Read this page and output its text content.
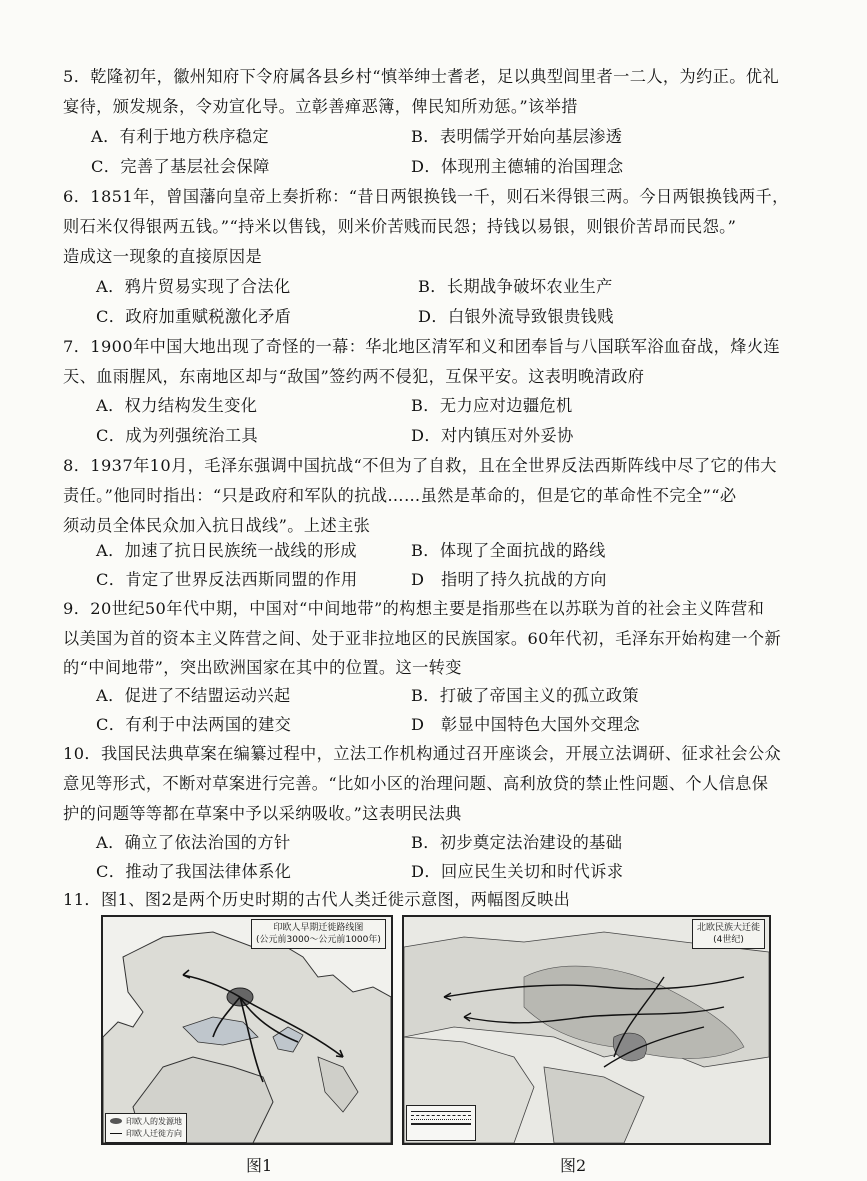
5．乾隆初年，徽州知府下令府属各县乡村“慎举绅士耆老，足以典型闾里者一二人，为约正。优礼
宴待，颁发规条，令劝宣化导。立彰善瘅恶簿，俾民知所劝惩。”该举措
A．有利于地方秩序稳定	B．表明儒学开始向基层渗透
C．完善了基层社会保障	D．体现刑主德辅的治国理念
6．1851年，曾国藩向皇帝上奏折称：“昔日两银换钱一千，则石米得银三两。今日两银换钱两千，
则石米仅得银两五钱。”“持米以售钱，则米价苦贱而民怨；持钱以易银，则银价苦昂而民怨。”
造成这一现象的直接原因是
A．鸦片贸易实现了合法化	B．长期战争破坏农业生产
C．政府加重赋税激化矛盾	D．白银外流导致银贵钱贱
7．1900年中国大地出现了奇怪的一幕：华北地区清军和义和团奉旨与八国联军浴血奋战，烽火连
天、血雨腥风，东南地区却与“敌国”签约两不侵犯，互保平安。这表明晚清政府
A．权力结构发生变化	B．无力应对边疆危机
C．成为列强统治工具	D．对内镇压对外妥协
8．1937年10月，毛泽东强调中国抗战“不但为了自救，且在全世界反法西斯阵线中尽了它的伟大
责任。”他同时指出：“只是政府和军队的抗战……虽然是革命的，但是它的革命性不完全”“必
须动员全体民众加入抗日战线”。上述主张
A．加速了抗日民族统一战线的形成	B．体现了全面抗战的路线
C．肯定了世界反法西斯同盟的作用	D　指明了持久抗战的方向
9．20世纪50年代中期，中国对“中间地带”的构想主要是指那些在以苏联为首的社会主义阵营和
以美国为首的资本主义阵营之间、处于亚非拉地区的民族国家。60年代初，毛泽东开始构建一个新
的“中间地带”，突出欧洲国家在其中的位置。这一转变
A．促进了不结盟运动兴起	B．打破了帝国主义的孤立政策
C．有利于中法两国的建交	D　彰显中国特色大国外交理念
10．我国民法典草案在编纂过程中，立法工作机构通过召开座谈会，开展立法调研、征求社会公众
意见等形式，不断对草案进行完善。“比如小区的治理问题、高利放贷的禁止性问题、个人信息保
护的问题等等都在草案中予以采纳吸收。”这表明民法典
A．确立了依法治国的方针	B．初步奠定法治建设的基础
C．推动了我国法律体系化	D．回应民生关切和时代诉求
11．图1、图2是两个历史时期的古代人类迁徙示意图，两幅图反映出
印欧人早期迁徙路线图
(公元前3000～公元前1000年)
印欧人的发源地
印欧人迁徙方向
图1
北欧民族大迁徙
(4世纪)
图2
